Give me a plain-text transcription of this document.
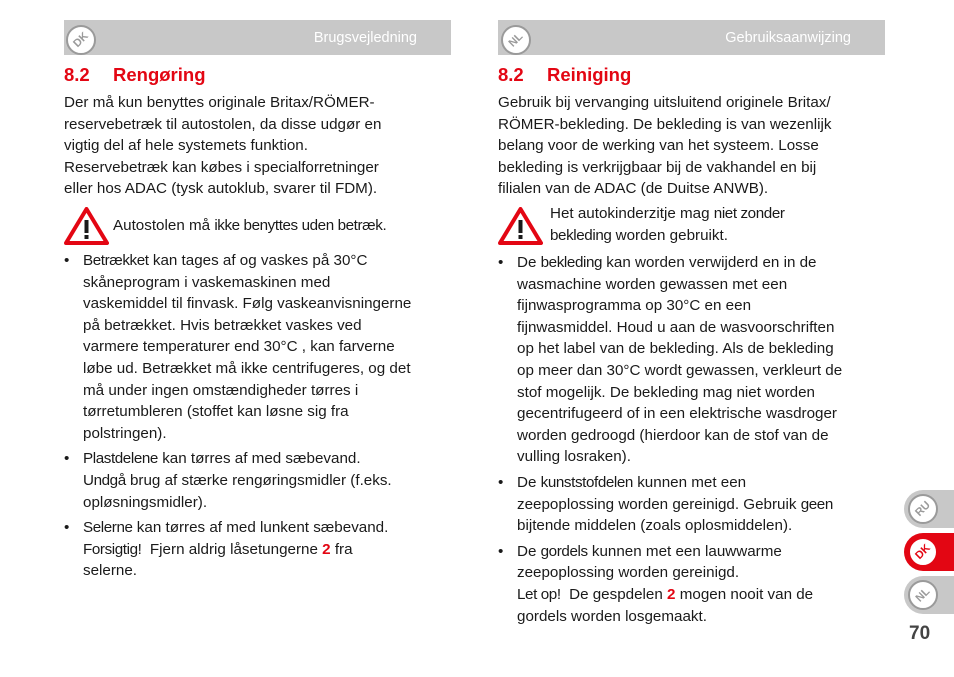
Brugsvejledning
DK	Gebruiksaanwijzing
NL
8.2 Rengøring
Der må kun benyttes originale Britax/RÖMER-
reservebetræk til autostolen, da disse udgør en
vigtig del af hele systemets funktion.
Reservebetræk kan købes i specialforretninger
eller hos ADAC (tysk autoklub, svarer til FDM).
Autostolen må ikke benyttes uden betræk.
• Betrækket kan tages af og vaskes på 30°C
skåneprogram i vaskemaskinen med
vaskemiddel til finvask. Følg vaskeanvisningerne
på betrækket. Hvis betrækket vaskes ved
varmere temperaturer end 30°C , kan farverne
løbe ud. Betrækket må ikke centrifugeres, og det
må under ingen omstændigheder tørres i
tørretumbleren (stoffet kan løsne sig fra
polstringen).
• Plastdelene kan tørres af med sæbevand.
Undgå brug af stærke rengøringsmidler (f.eks.
opløsningsmidler).
• Selerne kan tørres af med lunkent sæbevand.
Forsigtig!  Fjern aldrig låsetungerne 2 fra
selerne.
8.2 Reiniging
Gebruik bij vervanging uitsluitend originele Britax/
RÖMER-bekleding. De bekleding is van wezenlijk
belang voor de werking van het systeem. Losse
bekleding is verkrijgbaar bij de vakhandel en bij
filialen van de ADAC (de Duitse ANWB).
Het autokinderzitje mag niet zonder
bekleding worden gebruikt.
• De bekleding kan worden verwijderd en in de
wasmachine worden gewassen met een
fijnwasprogramma op 30°C en een
fijnwasmiddel. Houd u aan de wasvoorschriften
op het label van de bekleding. Als de bekleding
op meer dan 30°C wordt gewassen, verkleurt de
stof mogelijk. De bekleding mag niet worden
gecentrifugeerd of in een elektrische wasdroger
worden gedroogd (hierdoor kan de stof van de
vulling losraken).
• De kunststofdelen kunnen met een
zeepoplossing worden gereinigd. Gebruik geen
bijtende middelen (zoals oplosmiddelen).
• De gordels kunnen met een lauwwarme
zeepoplossing worden gereinigd.
Let op!  De gespdelen 2 mogen nooit van de
gordels worden losgemaakt.
RU
DK
NL
70
